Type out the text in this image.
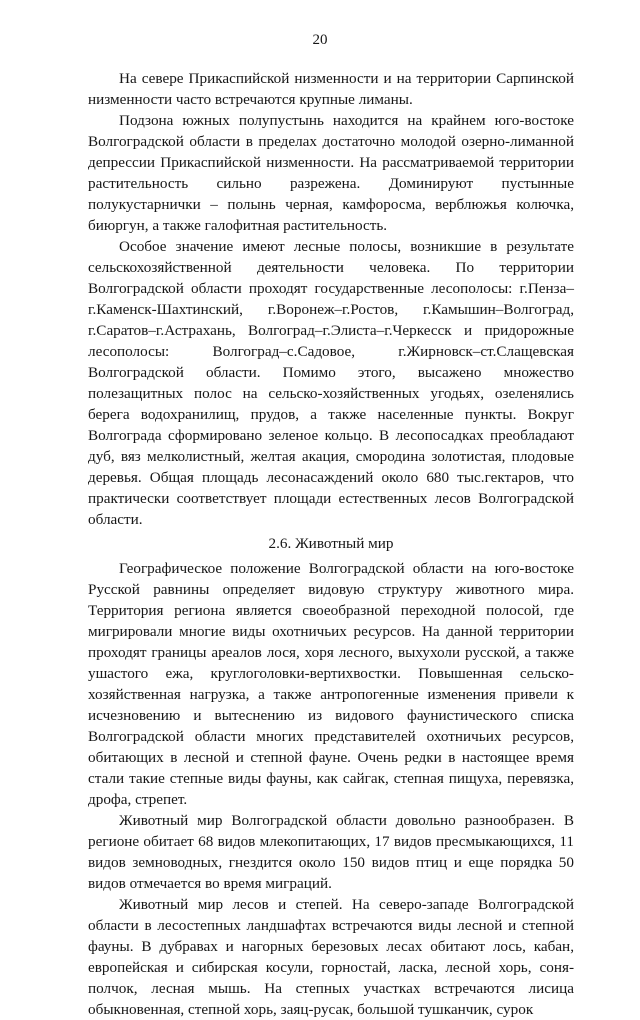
20

На севере Прикаспийской низменности и на территории Сарпинской низменности часто встречаются крупные лиманы.

Подзона южных полупустынь находится на крайнем юго-востоке Волгоградской области в пределах достаточно молодой озерно-лиманной депрессии Прикаспийской низменности. На рассматриваемой территории растительность сильно разрежена. Доминируют пустынные полукустарнички – полынь черная, камфоросма, верблюжья колючка, биюргун, а также галофитная растительность.

Особое значение имеют лесные полосы, возникшие в результате сельскохозяйственной деятельности человека. По территории Волгоградской области проходят государственные лесополосы: г.Пенза–г.Каменск-Шахтинский, г.Воронеж–г.Ростов, г.Камышин–Волгоград, г.Саратов–г.Астрахань, Волгоград–г.Элиста–г.Черкесск и придорожные лесополосы: Волгоград–с.Садовое, г.Жирновск–ст.Слащевская Волгоградской области. Помимо этого, высажено множество полезащитных полос на сельско-хозяйственных угодьях, озеленялись берега водохранилищ, прудов, а также населенные пункты. Вокруг Волгограда сформировано зеленое кольцо. В лесопосадках преобладают дуб, вяз мелколистный, желтая акация, смородина золотистая, плодовые деревья. Общая площадь лесонасаждений около 680 тыс.гектаров, что практически соответствует площади естественных лесов Волгоградской области.

2.6. Животный мир

Географическое положение Волгоградской области на юго-востоке Русской равнины определяет видовую структуру животного мира. Территория региона является своеобразной переходной полосой, где мигрировали многие виды охотничьих ресурсов. На данной территории проходят границы ареалов лося, хоря лесного, выхухоли русской, а также ушастого ежа, круглоголовки-вертихвостки. Повышенная сельско-хозяйственная нагрузка, а также антропогенные изменения привели к исчезновению и вытеснению из видового фаунистического списка Волгоградской области многих представителей охотничьих ресурсов, обитающих в лесной и степной фауне. Очень редки в настоящее время стали такие степные виды фауны, как сайгак, степная пищуха, перевязка, дрофа, стрепет.

Животный мир Волгоградской области довольно разнообразен. В регионе обитает 68 видов млекопитающих, 17 видов пресмыкающихся, 11 видов земноводных, гнездится около 150 видов птиц и еще порядка 50 видов отмечается во время миграций.

Животный мир лесов и степей. На северо-западе Волгоградской области в лесостепных ландшафтах встречаются виды лесной и степной фауны. В дубравах и нагорных березовых лесах обитают лось, кабан, европейская и сибирская косули, горностай, ласка, лесной хорь, соня-полчок, лесная мышь. На степных участках встречаются лисица обыкновенная, степной хорь, заяц-русак, большой тушканчик, сурок
